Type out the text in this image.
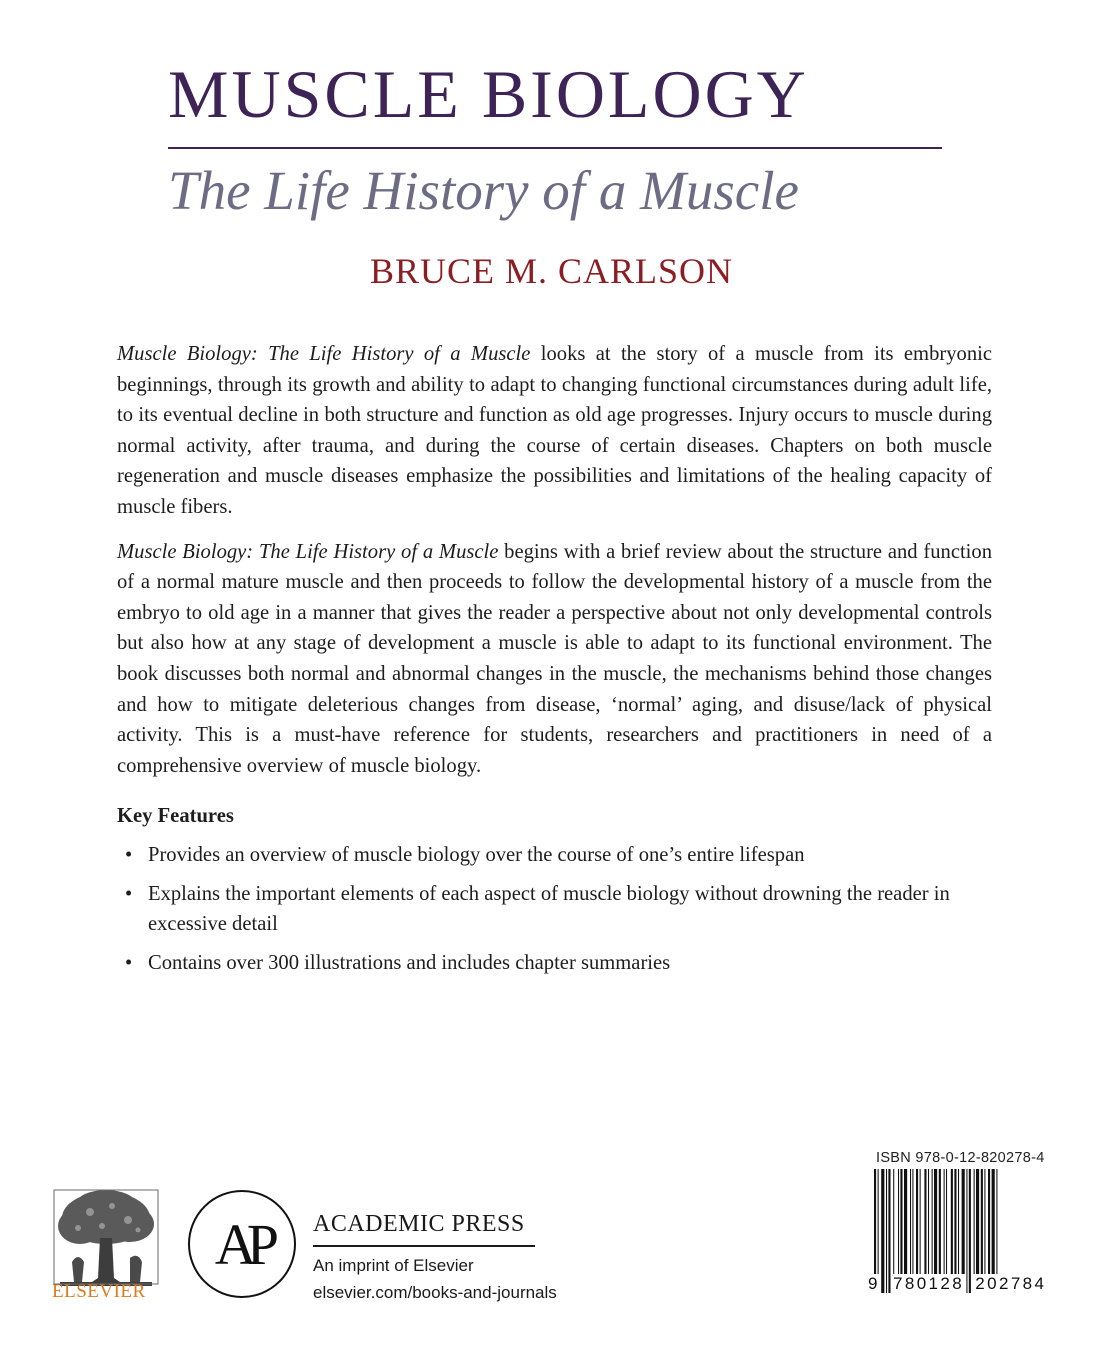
MUSCLE BIOLOGY
The Life History of a Muscle
BRUCE M. CARLSON

Muscle Biology: The Life History of a Muscle looks at the story of a muscle from its embryonic beginnings, through its growth and ability to adapt to changing functional circumstances during adult life, to its eventual decline in both structure and function as old age progresses. Injury occurs to muscle during normal activity, after trauma, and during the course of certain diseases. Chapters on both muscle regeneration and muscle diseases emphasize the possibilities and limitations of the healing capacity of muscle fibers.

Muscle Biology: The Life History of a Muscle begins with a brief review about the structure and function of a normal mature muscle and then proceeds to follow the developmental history of a muscle from the embryo to old age in a manner that gives the reader a perspective about not only developmental controls but also how at any stage of development a muscle is able to adapt to its functional environment. The book discusses both normal and abnormal changes in the muscle, the mechanisms behind those changes and how to mitigate deleterious changes from disease, ‘normal’ aging, and disuse/lack of physical activity. This is a must-have reference for students, researchers and practitioners in need of a comprehensive overview of muscle biology.

Key Features
• Provides an overview of muscle biology over the course of one’s entire lifespan
• Explains the important elements of each aspect of muscle biology without drowning the reader in excessive detail
• Contains over 300 illustrations and includes chapter summaries
ELSEVIER
AP	ACADEMIC PRESS
An imprint of Elsevier
elsevier.com/books-and-journals
ISBN 978-0-12-820278-4
9 780128 202784
